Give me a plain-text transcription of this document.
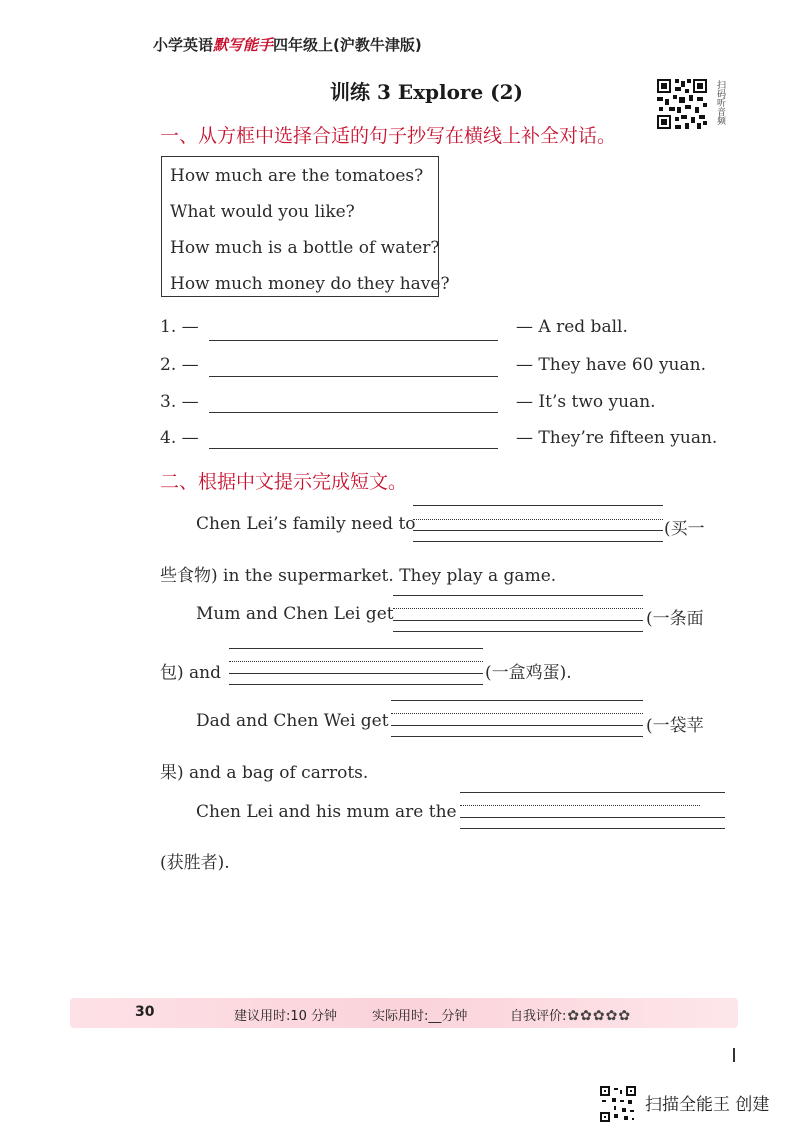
小学英语默写能手四年级上(沪教牛津版)
训练 3 Explore (2)	扫码听音频
一、从方框中选择合适的句子抄写在横线上补全对话。
How much are the tomatoes?
What would you like?
How much is a bottle of water?
How much money do they have?
1. —	— A red ball.
2. —	— They have 60 yuan.
3. —	— It’s two yuan.
4. —	— They’re fifteen yuan.
二、根据中文提示完成短文。
Chen Lei’s family need to	(买一
些食物) in the supermarket. They play a game.
Mum and Chen Lei get	(一条面
包) and	(一盒鸡蛋).
Dad and Chen Wei get	(一袋苹
果) and a bag of carrots.
Chen Lei and his mum are the
(获胜者).
30	建议用时:10 分钟	实际用时:__分钟	自我评价:✿✿✿✿✿
扫描全能王 创建
